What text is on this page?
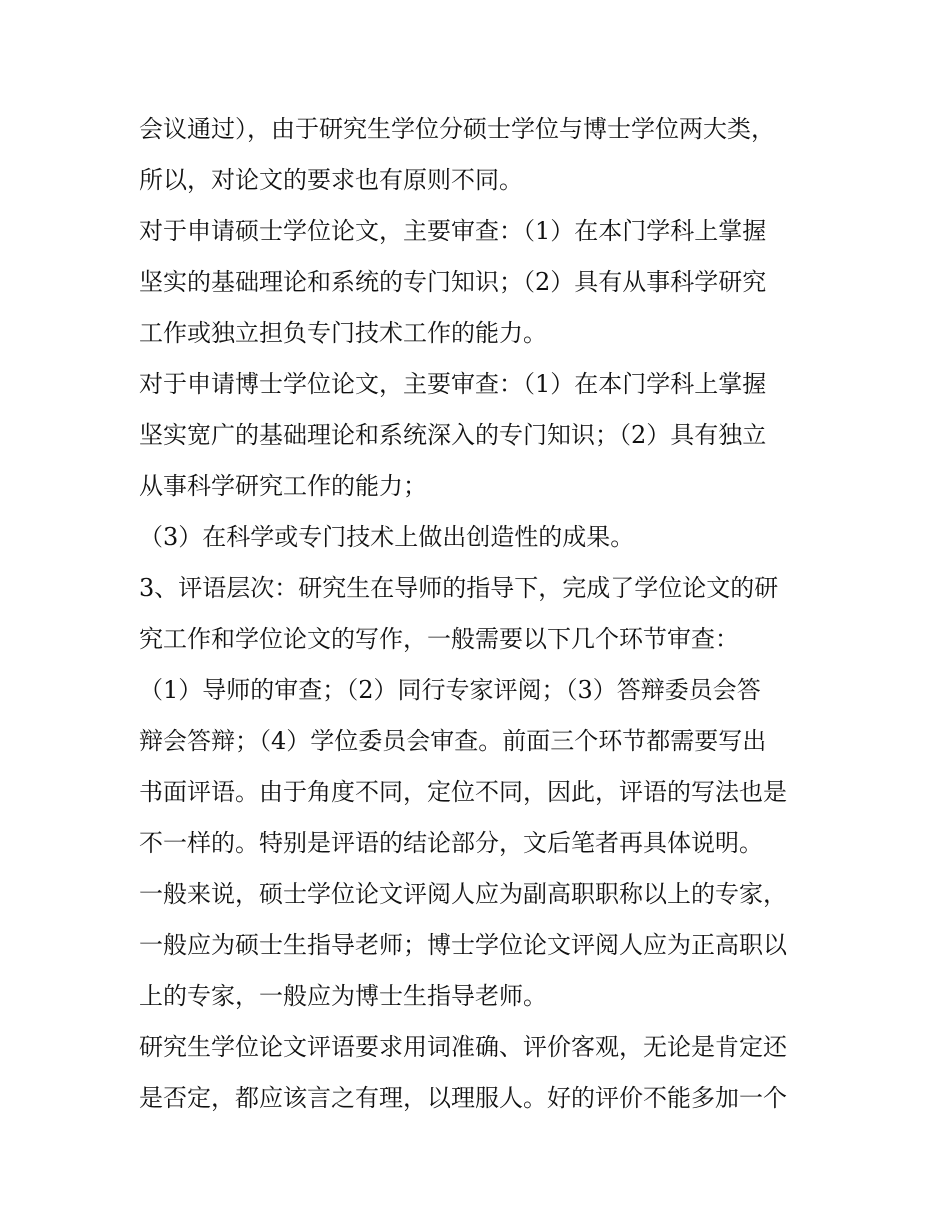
会议通过），由于研究生学位分硕士学位与博士学位两大类，
所以，对论文的要求也有原则不同。
对于申请硕士学位论文，主要审查：（1）在本门学科上掌握
坚实的基础理论和系统的专门知识；（2）具有从事科学研究
工作或独立担负专门技术工作的能力。
对于申请博士学位论文，主要审查：（1）在本门学科上掌握
坚实宽广的基础理论和系统深入的专门知识；（2）具有独立
从事科学研究工作的能力；
（3）在科学或专门技术上做出创造性的成果。
3、评语层次：研究生在导师的指导下，完成了学位论文的研
究工作和学位论文的写作，一般需要以下几个环节审查：
（1）导师的审查；（2）同行专家评阅；（3）答辩委员会答
辩会答辩；（4）学位委员会审查。前面三个环节都需要写出
书面评语。由于角度不同，定位不同，因此，评语的写法也是
不一样的。特别是评语的结论部分，文后笔者再具体说明。
一般来说，硕士学位论文评阅人应为副高职职称以上的专家，
一般应为硕士生指导老师；博士学位论文评阅人应为正高职以
上的专家，一般应为博士生指导老师。
研究生学位论文评语要求用词准确、评价客观，无论是肯定还
是否定，都应该言之有理，以理服人。好的评价不能多加一个
